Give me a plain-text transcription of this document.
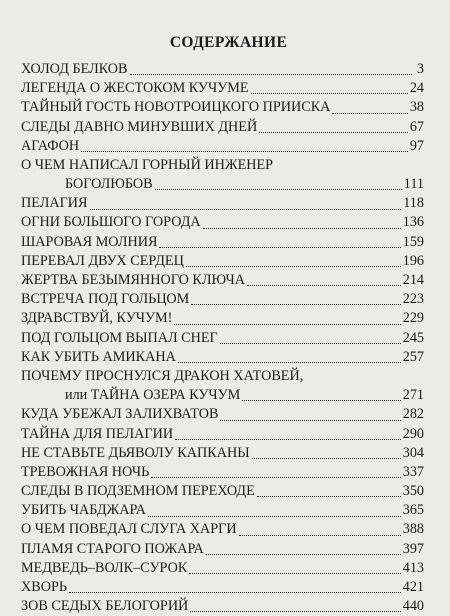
СОДЕРЖАНИЕ
ХОЛОД БЕЛКОВ	3
ЛЕГЕНДА О ЖЕСТОКОМ КУЧУМЕ	24
ТАЙНЫЙ ГОСТЬ НОВОТРОИЦКОГО ПРИИСКА	38
СЛЕДЫ ДАВНО МИНУВШИХ ДНЕЙ	67
АГАФОН	97
О ЧЕМ НАПИСАЛ ГОРНЫЙ ИНЖЕНЕР
БОГОЛЮБОВ	111
ПЕЛАГИЯ	118
ОГНИ БОЛЬШОГО ГОРОДА	136
ШАРОВАЯ МОЛНИЯ	159
ПЕРЕВАЛ ДВУХ СЕРДЕЦ	196
ЖЕРТВА БЕЗЫМЯННОГО КЛЮЧА	214
ВСТРЕЧА ПОД ГОЛЬЦОМ	223
ЗДРАВСТВУЙ, КУЧУМ!	229
ПОД ГОЛЬЦОМ ВЫПАЛ СНЕГ	245
КАК УБИТЬ АМИКАНА	257
ПОЧЕМУ ПРОСНУЛСЯ ДРАКОН ХАТОВЕЙ,
или ТАЙНА ОЗЕРА КУЧУМ	271
КУДА УБЕЖАЛ ЗАЛИХВАТОВ	282
ТАЙНА ДЛЯ ПЕЛАГИИ	290
НЕ СТАВЬТЕ ДЬЯВОЛУ КАПКАНЫ	304
ТРЕВОЖНАЯ НОЧЬ	337
СЛЕДЫ В ПОДЗЕМНОМ ПЕРЕХОДЕ	350
УБИТЬ ЧАБДЖАРА	365
О ЧЕМ ПОВЕДАЛ СЛУГА ХАРГИ	388
ПЛАМЯ СТАРОГО ПОЖАРА	397
МЕДВЕДЬ–ВОЛК–СУРОК	413
ХВОРЬ	421
ЗОВ СЕДЫХ БЕЛОГОРИЙ	440
